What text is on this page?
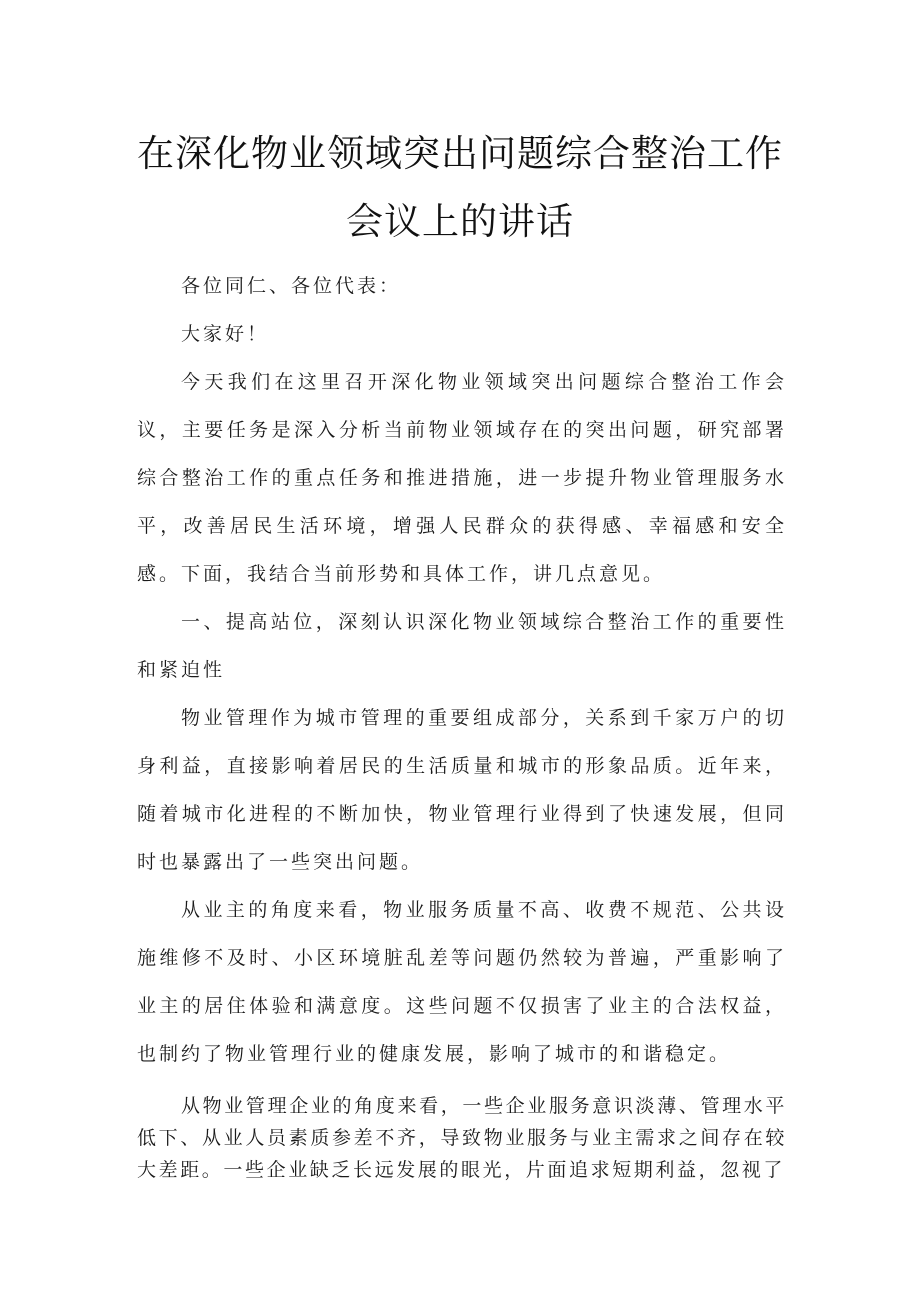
在深化物业领域突出问题综合整治工作
会议上的讲话

各位同仁、各位代表：

大家好！

今天我们在这里召开深化物业领域突出问题综合整治工作会议，主要任务是深入分析当前物业领域存在的突出问题，研究部署综合整治工作的重点任务和推进措施，进一步提升物业管理服务水平，改善居民生活环境，增强人民群众的获得感、幸福感和安全感。下面，我结合当前形势和具体工作，讲几点意见。

一、提高站位，深刻认识深化物业领域综合整治工作的重要性和紧迫性

物业管理作为城市管理的重要组成部分，关系到千家万户的切身利益，直接影响着居民的生活质量和城市的形象品质。近年来，随着城市化进程的不断加快，物业管理行业得到了快速发展，但同时也暴露出了一些突出问题。

从业主的角度来看，物业服务质量不高、收费不规范、公共设施维修不及时、小区环境脏乱差等问题仍然较为普遍，严重影响了业主的居住体验和满意度。这些问题不仅损害了业主的合法权益，也制约了物业管理行业的健康发展，影响了城市的和谐稳定。

从物业管理企业的角度来看，一些企业服务意识淡薄、管理水平低下、从业人员素质参差不齐，导致物业服务与业主需求之间存在较大差距。一些企业缺乏长远发展的眼光，片面追求短期利益，忽视了
